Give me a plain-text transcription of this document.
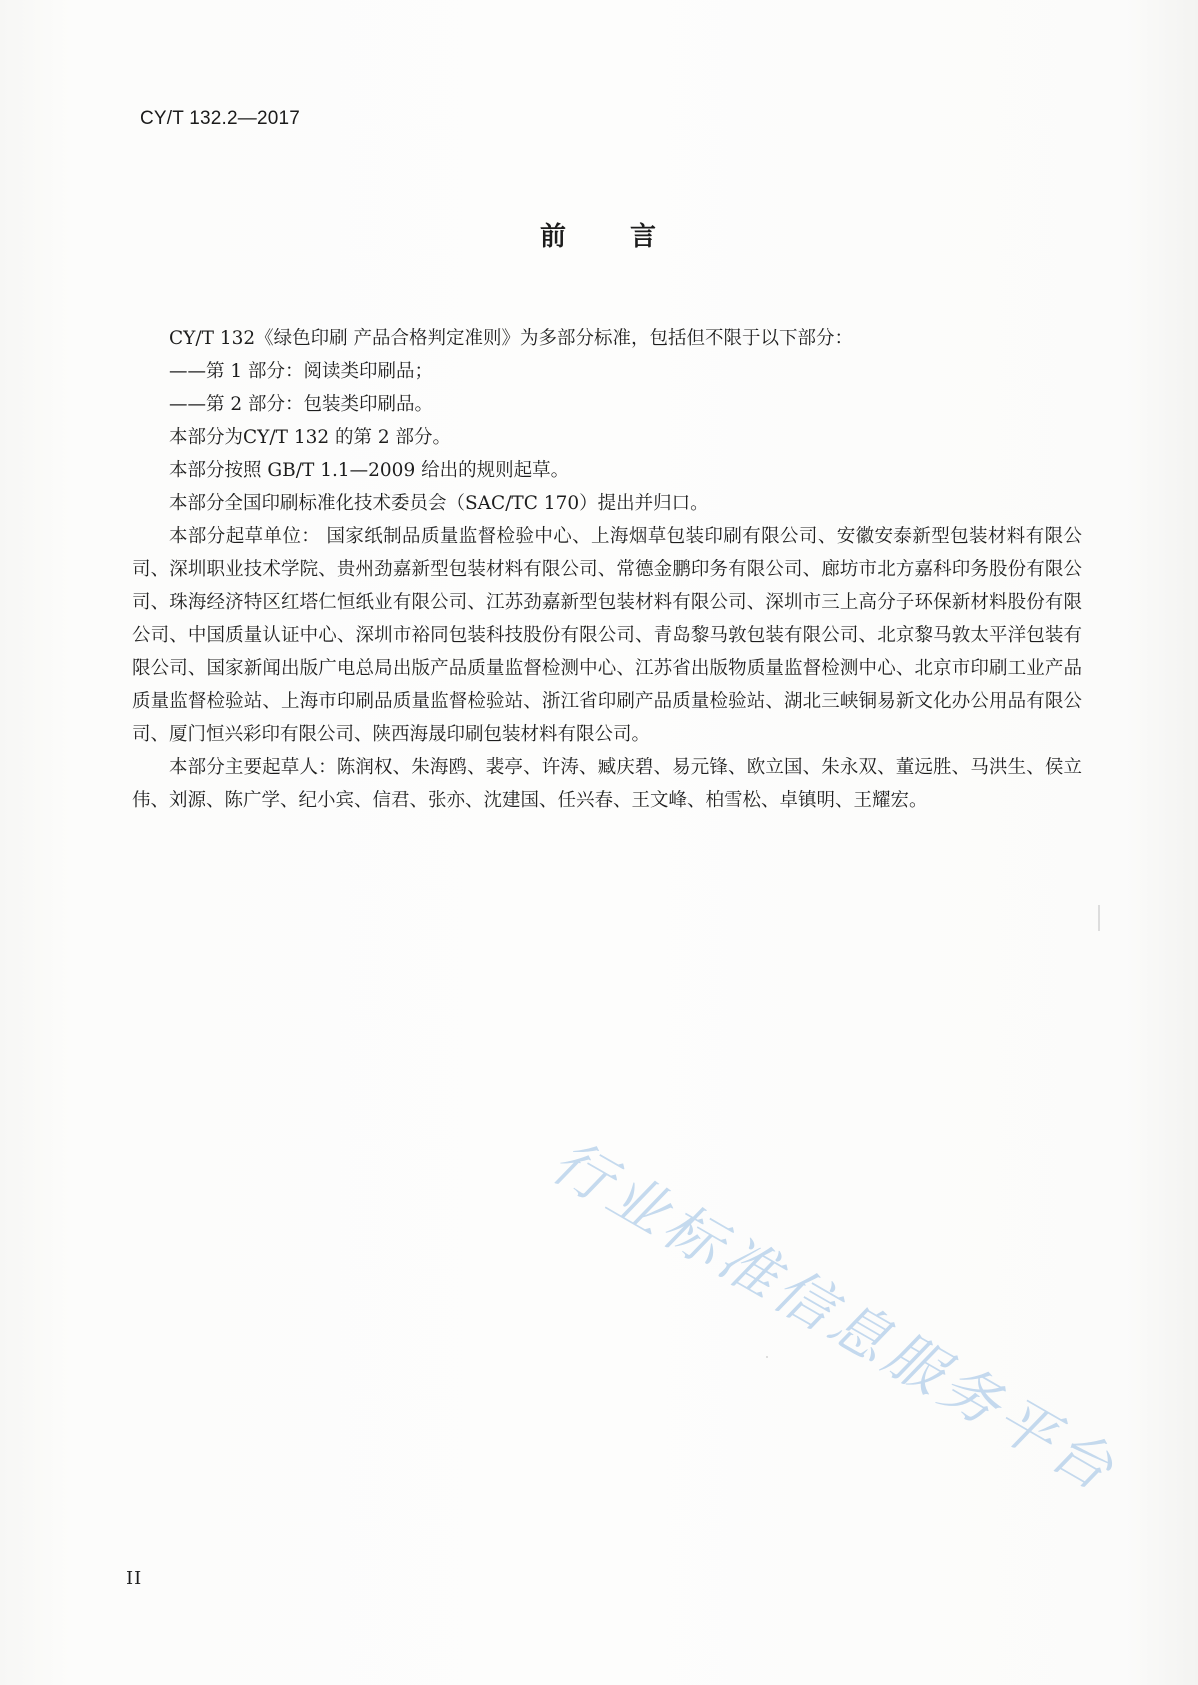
CY/T 132.2—2017
前 言

CY/T 132《绿色印刷 产品合格判定准则》为多部分标准，包括但不限于以下部分：

——第 1 部分：阅读类印刷品；

——第 2 部分：包装类印刷品。

本部分为CY/T 132 的第 2 部分。

本部分按照 GB/T 1.1—2009 给出的规则起草。

本部分全国印刷标准化技术委员会（SAC/TC 170）提出并归口。

本部分起草单位： 国家纸制品质量监督检验中心、上海烟草包装印刷有限公司、安徽安泰新型包装材料有限公司、深圳职业技术学院、贵州劲嘉新型包装材料有限公司、常德金鹏印务有限公司、廊坊市北方嘉科印务股份有限公司、珠海经济特区红塔仁恒纸业有限公司、江苏劲嘉新型包装材料有限公司、深圳市三上高分子环保新材料股份有限公司、中国质量认证中心、深圳市裕同包装科技股份有限公司、青岛黎马敦包装有限公司、北京黎马敦太平洋包装有限公司、国家新闻出版广电总局出版产品质量监督检测中心、江苏省出版物质量监督检测中心、北京市印刷工业产品质量监督检验站、上海市印刷品质量监督检验站、浙江省印刷产品质量检验站、湖北三峡铜易新文化办公用品有限公司、厦门恒兴彩印有限公司、陕西海晟印刷包装材料有限公司。

本部分主要起草人：陈润权、朱海鸥、裴亭、许涛、臧庆碧、易元锋、欧立国、朱永双、董远胜、马洪生、侯立伟、刘源、陈广学、纪小宾、信君、张亦、沈建国、任兴春、王文峰、柏雪松、卓镇明、王耀宏。

行业标准信息服务平台
II
